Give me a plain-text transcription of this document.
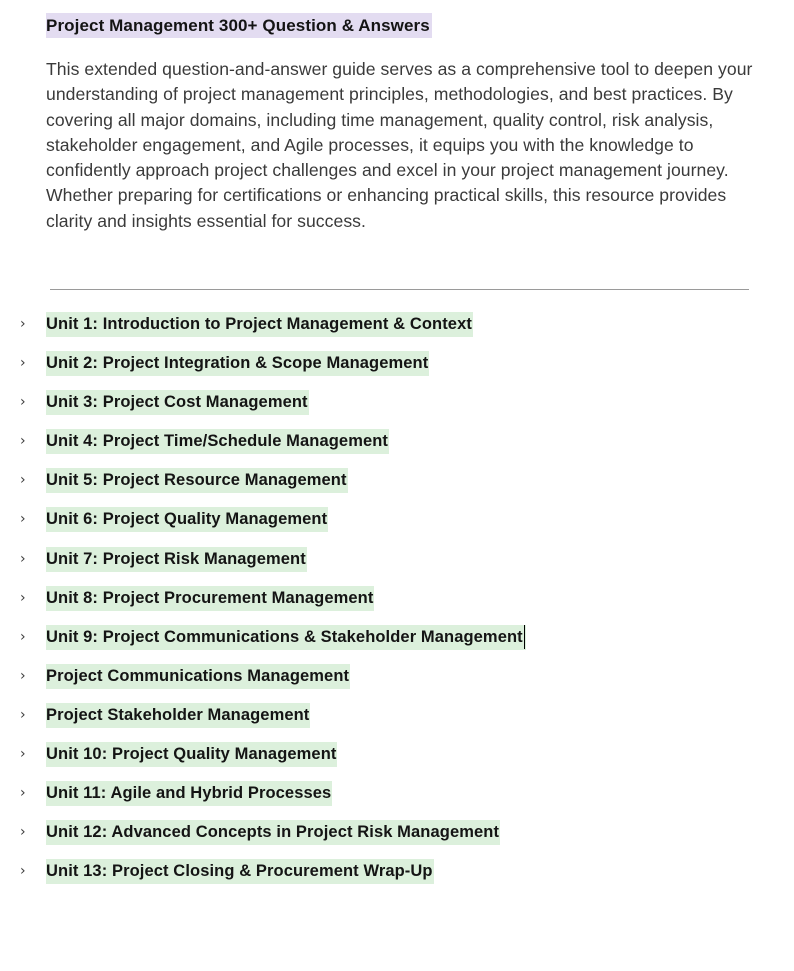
Project Management 300+ Question & Answers

This extended question-and-answer guide serves as a comprehensive tool to deepen your understanding of project management principles, methodologies, and best practices. By covering all major domains, including time management, quality control, risk analysis, stakeholder engagement, and Agile processes, it equips you with the knowledge to confidently approach project challenges and excel in your project management journey. Whether preparing for certifications or enhancing practical skills, this resource provides clarity and insights essential for success.

›	Unit 1: Introduction to Project Management & Context
›	Unit 2: Project Integration & Scope Management
›	Unit 3: Project Cost Management
›	Unit 4: Project Time/Schedule Management
›	Unit 5: Project Resource Management
›	Unit 6: Project Quality Management
›	Unit 7: Project Risk Management
›	Unit 8: Project Procurement Management
›	Unit 9: Project Communications & Stakeholder Management
›	Project Communications Management
›	Project Stakeholder Management
›	Unit 10: Project Quality Management
›	Unit 11: Agile and Hybrid Processes
›	Unit 12: Advanced Concepts in Project Risk Management
›	Unit 13: Project Closing & Procurement Wrap-Up
